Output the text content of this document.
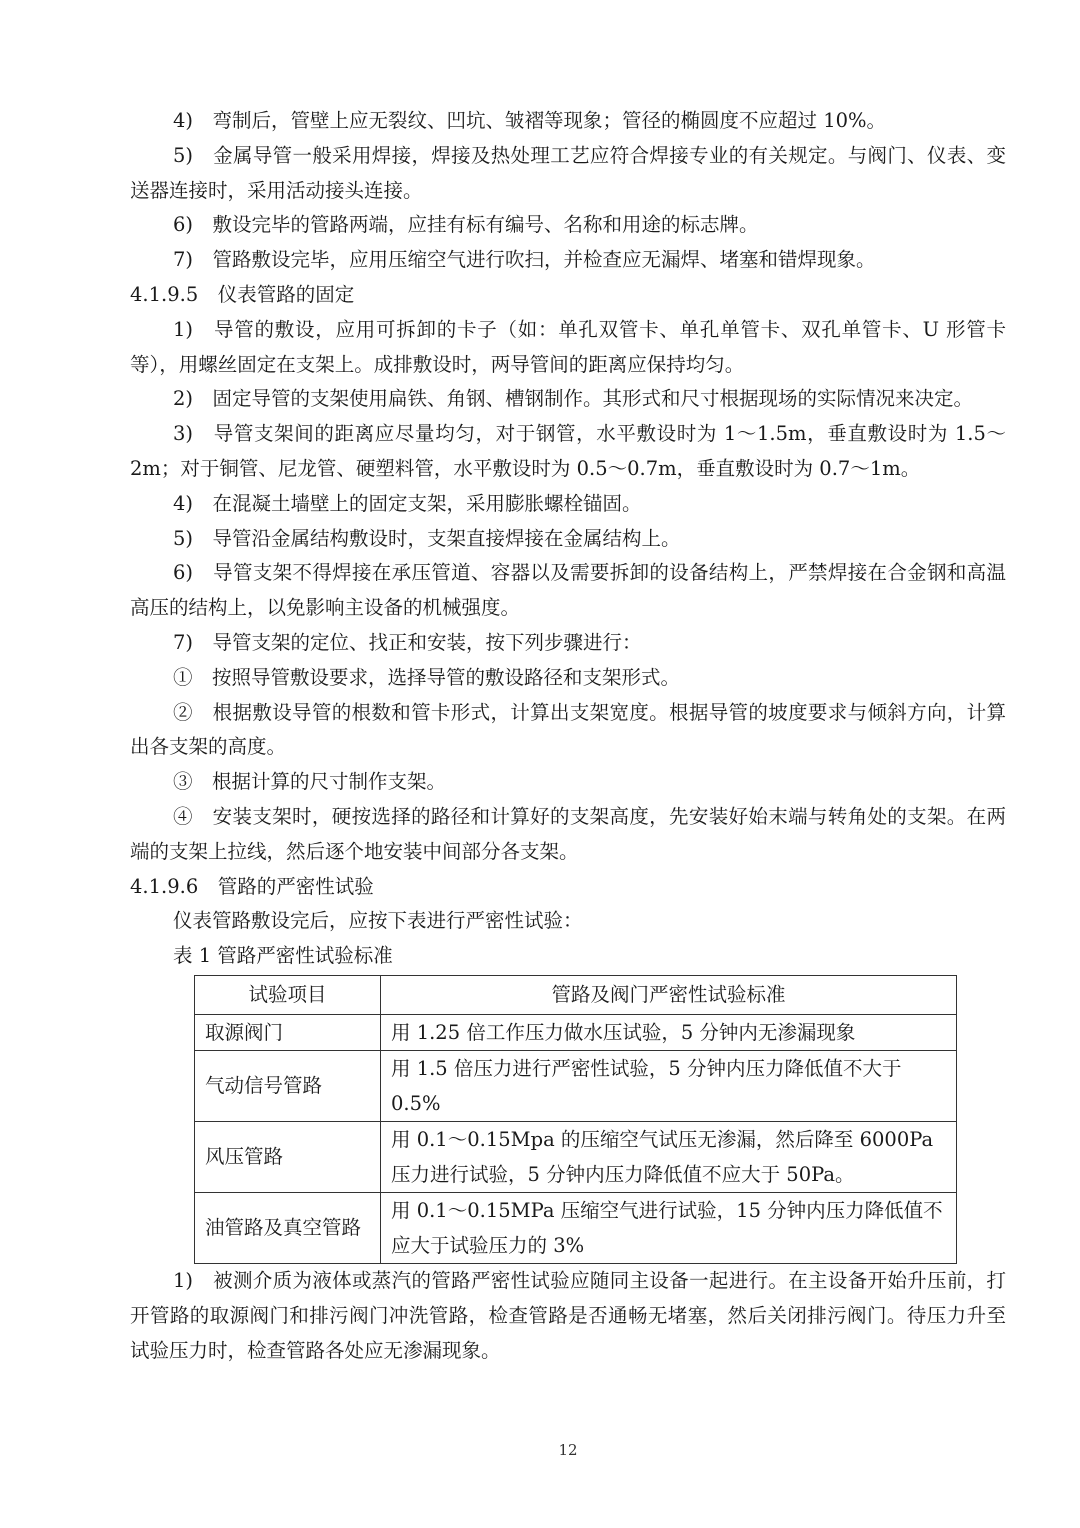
4)　弯制后，管壁上应无裂纹、凹坑、皱褶等现象；管径的椭圆度不应超过 10%。

5)　金属导管一般采用焊接，焊接及热处理工艺应符合焊接专业的有关规定。与阀门、仪表、变送器连接时，采用活动接头连接。

6)　敷设完毕的管路两端，应挂有标有编号、名称和用途的标志牌。

7)　管路敷设完毕，应用压缩空气进行吹扫，并检查应无漏焊、堵塞和错焊现象。

4.1.9.5　仪表管路的固定

1)　导管的敷设，应用可拆卸的卡子（如：单孔双管卡、单孔单管卡、双孔单管卡、U 形管卡等），用螺丝固定在支架上。成排敷设时，两导管间的距离应保持均匀。

2)　固定导管的支架使用扁铁、角钢、槽钢制作。其形式和尺寸根据现场的实际情况来决定。

3)　导管支架间的距离应尽量均匀，对于钢管，水平敷设时为 1～1.5m，垂直敷设时为 1.5～2m；对于铜管、尼龙管、硬塑料管，水平敷设时为 0.5～0.7m，垂直敷设时为 0.7～1m。

4)　在混凝土墙壁上的固定支架，采用膨胀螺栓锚固。

5)　导管沿金属结构敷设时，支架直接焊接在金属结构上。

6)　导管支架不得焊接在承压管道、容器以及需要拆卸的设备结构上，严禁焊接在合金钢和高温高压的结构上，以免影响主设备的机械强度。

7)　导管支架的定位、找正和安装，按下列步骤进行：

①　按照导管敷设要求，选择导管的敷设路径和支架形式。

②　根据敷设导管的根数和管卡形式，计算出支架宽度。根据导管的坡度要求与倾斜方向，计算出各支架的高度。

③　根据计算的尺寸制作支架。

④　安装支架时，硬按选择的路径和计算好的支架高度，先安装好始末端与转角处的支架。在两端的支架上拉线，然后逐个地安装中间部分各支架。

4.1.9.6　管路的严密性试验

仪表管路敷设完后，应按下表进行严密性试验：

表 1 管路严密性试验标准

试验项目	管路及阀门严密性试验标准
取源阀门	用 1.25 倍工作压力做水压试验，5 分钟内无渗漏现象
气动信号管路	用 1.5 倍压力进行严密性试验，5 分钟内压力降低值不大于 0.5%
风压管路	用 0.1～0.15Mpa 的压缩空气试压无渗漏，然后降至 6000Pa 压力进行试验，5 分钟内压力降低值不应大于 50Pa。
油管路及真空管路	用 0.1～0.15MPa 压缩空气进行试验，15 分钟内压力降低值不应大于试验压力的 3%

1)　被测介质为液体或蒸汽的管路严密性试验应随同主设备一起进行。在主设备开始升压前，打开管路的取源阀门和排污阀门冲洗管路，检查管路是否通畅无堵塞，然后关闭排污阀门。待压力升至试验压力时，检查管路各处应无渗漏现象。

12
